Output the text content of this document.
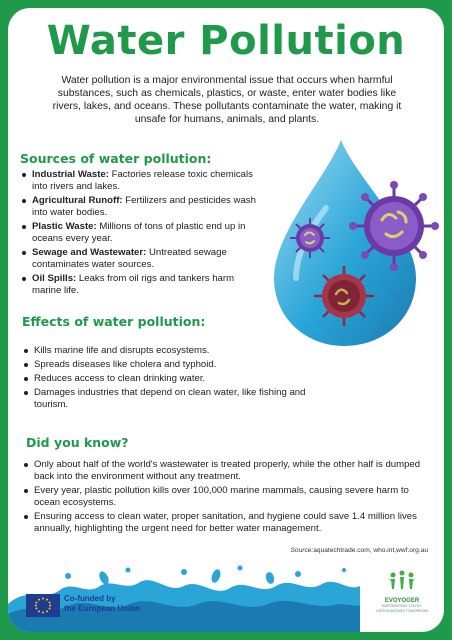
Water Pollution
Water pollution is a major environmental issue that occurs when harmful substances, such as chemicals, plastics, or waste, enter water bodies like rivers, lakes, and oceans. These pollutants contaminate the water, making it unsafe for humans, animals, and plants.
Sources of water pollution:
Industrial Waste: Factories release toxic chemicals into rivers and lakes.
Agricultural Runoff: Fertilizers and pesticides wash into water bodies.
Plastic Waste: Millions of tons of plastic end up in oceans every year.
Sewage and Wastewater: Untreated sewage contaminates water sources.
Oil Spills: Leaks from oil rigs and tankers harm marine life.
Effects of water pollution:
Kills marine life and disrupts ecosystems.
Spreads diseases like cholera and typhoid.
Reduces access to clean drinking water.
Damages industries that depend on clean water, like fishing and tourism.
Did you know?
Only about half of the world's wastewater is treated properly, while the other half is dumped back into the environment without any treatment.
Every year, plastic pollution kills over 100,000 marine mammals, causing severe harm to ocean ecosystems.
Ensuring access to clean water, proper sanitation, and hygiene could save 1.4 million lives annually, highlighting the urgent need for better water management.
Source:aquatechtrade.com, who.int,wwf.org.au
Co-funded by
the European Union
EVOYOGER
EMPOWERING YOUTH, SAFEGUARDING TOMORROW
